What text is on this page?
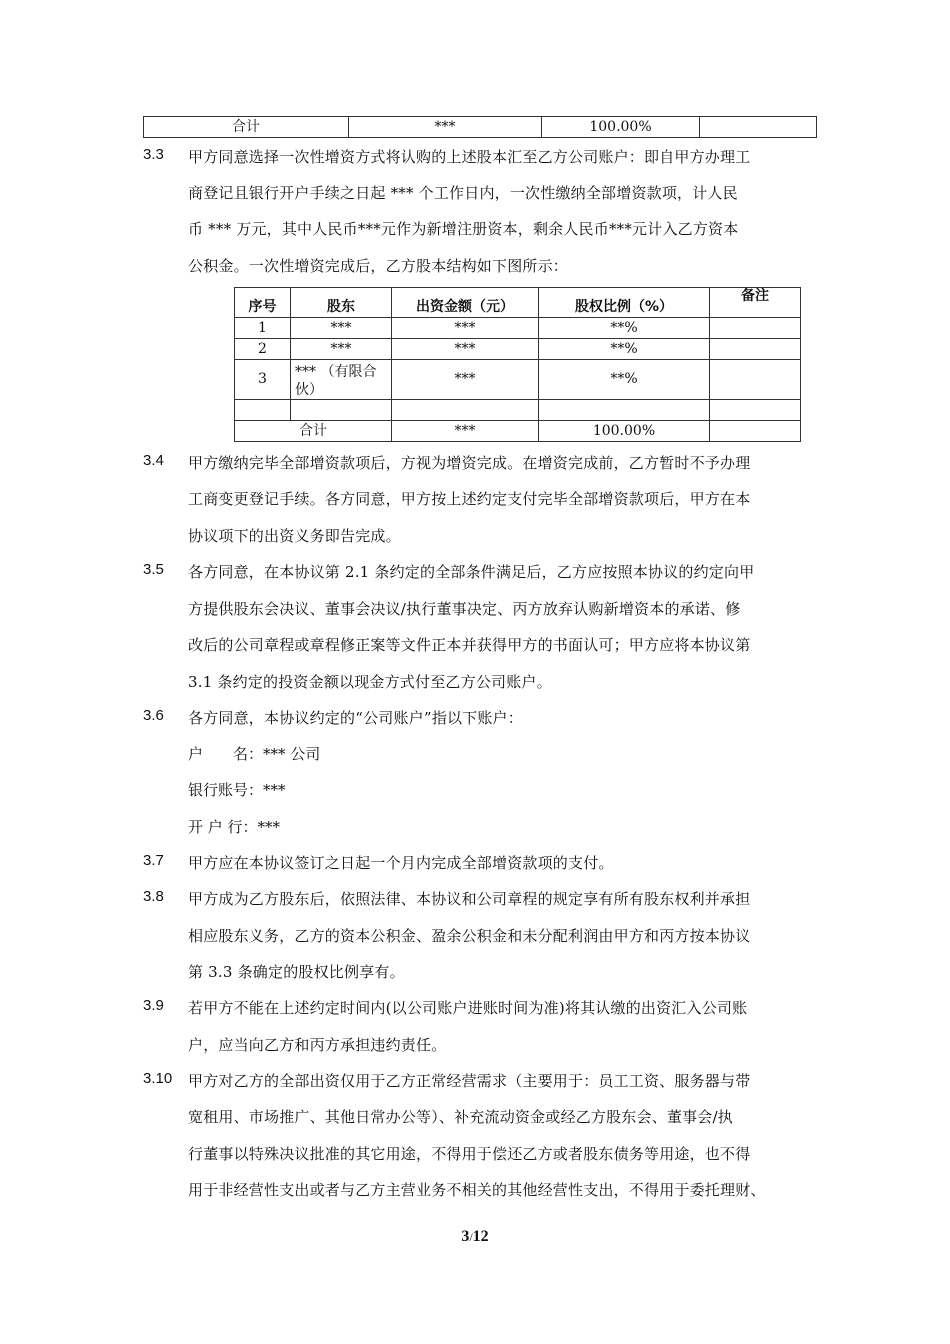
合计	***	100.00%	
3.3 甲方同意选择一次性增资方式将认购的上述股本汇至乙方公司账户：即自甲方办理工
商登记且银行开户手续之日起 *** 个工作日内，一次性缴纳全部增资款项，计人民
币 *** 万元，其中人民币***元作为新增注册资本，剩余人民币***元计入乙方资本
公积金。一次性增资完成后，乙方股本结构如下图所示：
序号	股东	出资金额（元）	股权比例（%）	备注
1	***	***	**%	
2	***	***	**%	
3	*** （有限合伙）	***	**%	

合计		***	100.00%	
3.4 甲方缴纳完毕全部增资款项后，方视为增资完成。在增资完成前，乙方暂时不予办理
工商变更登记手续。各方同意，甲方按上述约定支付完毕全部增资款项后，甲方在本
协议项下的出资义务即告完成。
3.5 各方同意，在本协议第 2.1 条约定的全部条件满足后，乙方应按照本协议的约定向甲
方提供股东会决议、董事会决议/执行董事决定、丙方放弃认购新增资本的承诺、修
改后的公司章程或章程修正案等文件正本并获得甲方的书面认可；甲方应将本协议第
3.1 条约定的投资金额以现金方式付至乙方公司账户。
3.6 各方同意，本协议约定的“公司账户”指以下账户：
户　　名：*** 公司
银行账号：***
开 户 行：***
3.7 甲方应在本协议签订之日起一个月内完成全部增资款项的支付。
3.8 甲方成为乙方股东后，依照法律、本协议和公司章程的规定享有所有股东权利并承担
相应股东义务，乙方的资本公积金、盈余公积金和未分配利润由甲方和丙方按本协议
第 3.3 条确定的股权比例享有。
3.9 若甲方不能在上述约定时间内(以公司账户进账时间为准)将其认缴的出资汇入公司账
户，应当向乙方和丙方承担违约责任。
3.10 甲方对乙方的全部出资仅用于乙方正常经营需求（主要用于：员工工资、服务器与带
宽租用、市场推广、其他日常办公等）、补充流动资金或经乙方股东会、董事会/执
行董事以特殊决议批准的其它用途，不得用于偿还乙方或者股东债务等用途，也不得
用于非经营性支出或者与乙方主营业务不相关的其他经营性支出，不得用于委托理财、
3/12
